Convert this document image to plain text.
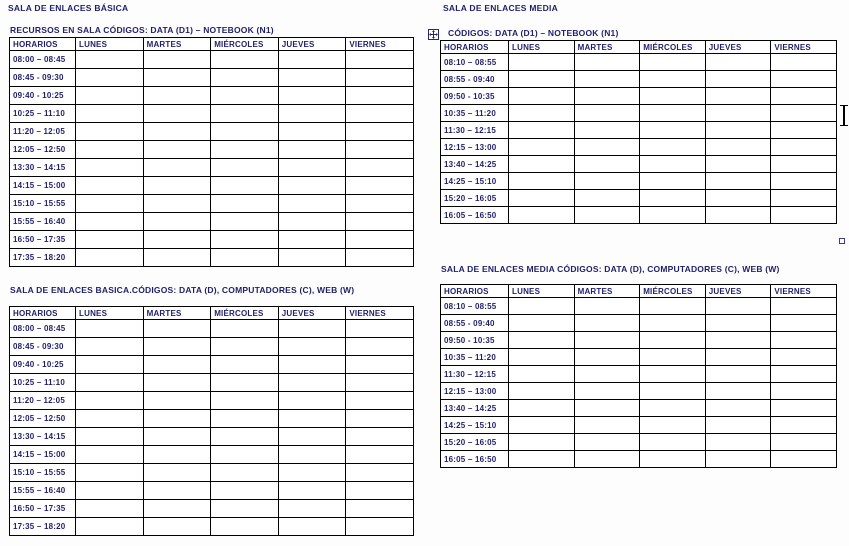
SALA DE ENLACES BÁSICA
RECURSOS EN SALA CÓDIGOS: DATA (D1) – NOTEBOOK (N1)
HORARIOS	LUNES	MARTES	MIÉRCOLES	JUEVES	VIERNES
08:00 – 08:45					
08:45 - 09:30					
09:40 - 10:25					
10:25 – 11:10					
11:20 – 12:05					
12:05 – 12:50					
13:30 – 14:15					
14:15 – 15:00					
15:10 – 15:55					
15:55 – 16:40					
16:50 – 17:35					
17:35 – 18:20					
SALA DE ENLACES BASICA.CÓDIGOS: DATA (D), COMPUTADORES (C), WEB (W)
HORARIOS	LUNES	MARTES	MIÉRCOLES	JUEVES	VIERNES
08:00 – 08:45					
08:45 - 09:30					
09:40 - 10:25					
10:25 – 11:10					
11:20 – 12:05					
12:05 – 12:50					
13:30 – 14:15					
14:15 – 15:00					
15:10 – 15:55					
15:55 – 16:40					
16:50 – 17:35					
17:35 – 18:20					
SALA DE ENLACES MEDIA
CÓDIGOS: DATA (D1) – NOTEBOOK (N1)
HORARIOS	LUNES	MARTES	MIÉRCOLES	JUEVES	VIERNES
08:10 – 08:55					
08:55 - 09:40					
09:50 - 10:35					
10:35 – 11:20					
11:30 – 12:15					
12:15 – 13:00					
13:40 – 14:25					
14:25 – 15:10					
15:20 – 16:05					
16:05 – 16:50					
SALA DE ENLACES MEDIA CÓDIGOS: DATA (D), COMPUTADORES (C), WEB (W)
HORARIOS	LUNES	MARTES	MIÉRCOLES	JUEVES	VIERNES
08:10 – 08:55					
08:55 - 09:40					
09:50 - 10:35					
10:35 – 11:20					
11:30 – 12:15					
12:15 – 13:00					
13:40 – 14:25					
14:25 – 15:10					
15:20 – 16:05					
16:05 – 16:50					
